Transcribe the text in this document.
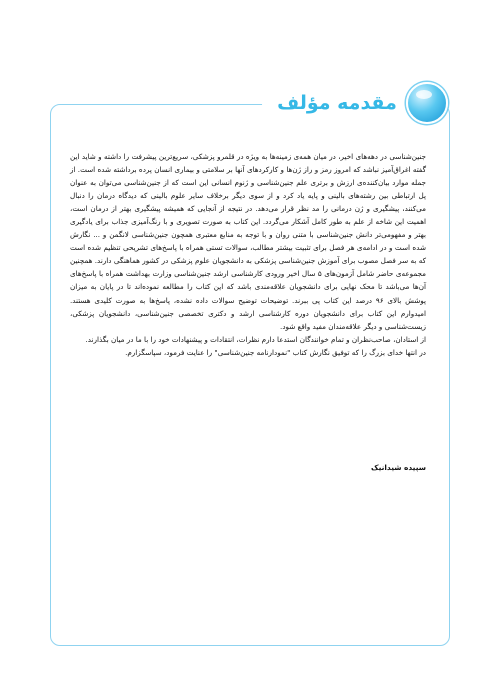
مقدمه مؤلف

جنین‌شناسی در دهه‌های اخیر، در میان همه‌ی زمینه‌ها به ویژه در قلمرو پزشکی، سریع‌ترین پیشرفت را داشته و شاید این گفته اغراق‌آمیز نباشد که امروز رمز و راز ژن‌ها و کارکردهای آنها بر سلامتی و بیماری انسان پرده برداشته شده است. از جمله موارد بیان‌کننده‌ی ارزش و برتری علم جنین‌شناسی و ژنوم انسانی این است که از جنین‌شناسی می‌توان به عنوان پل ارتباطی بین رشته‌های بالینی و پایه یاد کرد و از سوی دیگر برخلاف سایر علوم بالینی که دیدگاه درمان را دنبال می‌کنند، پیشگیری و ژن درمانی را مد نظر قرار می‌دهد. در نتیجه از آنجایی که همیشه پیشگیری بهتر از درمان است، اهمیت این شاخه از علم به طور کامل آشکار می‌گردد. این کتاب به صورت تصویری و با رنگ‌آمیزی جذاب برای یادگیری بهتر و مفهومی‌تر دانش جنین‌شناسی با متنی روان و با توجه به منابع معتبری همچون جنین‌شناسی لانگمن و ... نگارش شده است و در ادامه‌ی هر فصل برای تثبیت بیشتر مطالب، سوالات تستی همراه با پاسخ‌های تشریحی تنظیم شده است که به سر فصل مصوب برای آموزش جنین‌شناسی پزشکی به دانشجویان علوم پزشکی در کشور هماهنگی دارند. همچنین مجموعه‌ی حاضر شامل آزمون‌های ۵ سال اخیر ورودی کارشناسی ارشد جنین‌شناسی وزارت بهداشت همراه با پاسخ‌های آن‌ها می‌باشد تا محک نهایی برای دانشجویان علاقه‌مندی باشد که این کتاب را مطالعه نموده‌اند تا در پایان به میزان پوشش بالای ۹۶ درصد این کتاب پی ببرند. توضیحات توضیح سوالات داده نشده، پاسخ‌ها به صورت کلیدی هستند. امیدوارم این کتاب برای دانشجویان دوره کارشناسی ارشد و دکتری تخصصی جنین‌شناسی، دانشجویان پزشکی، زیست‌شناسی و دیگر علاقه‌مندان مفید واقع شود.

از استادان، صاحب‌نظران و تمام خوانندگان استدعا دارم نظرات، انتقادات و پیشنهادات خود را با ما در میان بگذارند.

در انتها خدای بزرگ را که توفیق نگارش کتاب "نمودارنامه جنین‌شناسی" را عنایت فرمود، سپاسگزارم.

سپیده شیدانیک
